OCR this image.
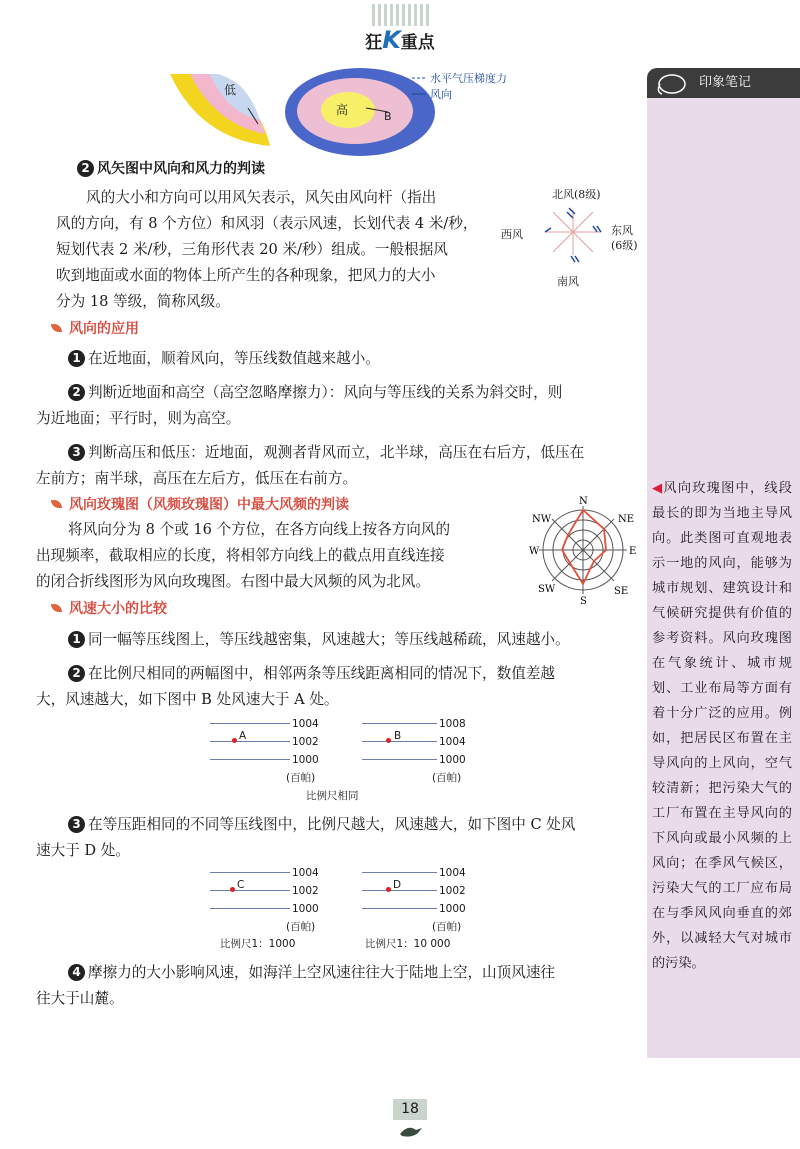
狂K重点
低
高	B
水平气压梯度力
风向
印象笔记
◀风向玫瑰图中，线段最长的即为当地主导风向。此类图可直观地表示一地的风向，能够为城市规划、建筑设计和气候研究提供有价值的参考资料。风向玫瑰图在气象统计、城市规划、工业布局等方面有着十分广泛的应用。例如，把居民区布置在主导风向的上风向，空气较清新；把污染大气的工厂布置在主导风向的下风向或最小风频的上风向；在季风气候区，污染大气的工厂应布局在与季风风向垂直的郊外，以减轻大气对城市的污染。
2 风矢图中风向和风力的判读
风的大小和方向可以用风矢表示，风矢由风向杆（指出
风的方向，有 8 个方位）和风羽（表示风速，长划代表 4 米/秒，
短划代表 2 米/秒，三角形代表 20 米/秒）组成。一般根据风
吹到地面或水面的物体上所产生的各种现象，把风力的大小
分为 18 等级，简称风级。
北风(8级)
西风	东风
(6级)
南风
风向的应用
1 在近地面，顺着风向，等压线数值越来越小。
2 判断近地面和高空（高空忽略摩擦力）：风向与等压线的关系为斜交时，则
为近地面；平行时，则为高空。
3 判断高压和低压：近地面，观测者背风而立，北半球，高压在右后方，低压在
左前方；南半球，高压在左后方，低压在右前方。
风向玫瑰图（风频玫瑰图）中最大风频的判读
将风向分为 8 个或 16 个方位，在各方向线上按各方向风的
出现频率，截取相应的长度，将相邻方向线上的截点用直线连接
的闭合折线图形为风向玫瑰图。右图中最大风频的风为北风。
N
NE
E
SE
S
SW
W
NW
风速大小的比较
1 同一幅等压线图上，等压线越密集，风速越大；等压线越稀疏，风速越小。
2 在比例尺相同的两幅图中，相邻两条等压线距离相同的情况下，数值差越
大，风速越大，如下图中 B 处风速大于 A 处。
1004
1002
1000
(百帕)
A
1008
1004
1000
(百帕)
B
比例尺相同
3 在等压距相同的不同等压线图中，比例尺越大，风速越大，如下图中 C 处风
速大于 D 处。
1004
1002
1000
(百帕)
C
比例尺1：1000
1004
1002
1000
(百帕)
D
比例尺1：10 000
4 摩擦力的大小影响风速，如海洋上空风速往往大于陆地上空，山顶风速往
往大于山麓。
18
